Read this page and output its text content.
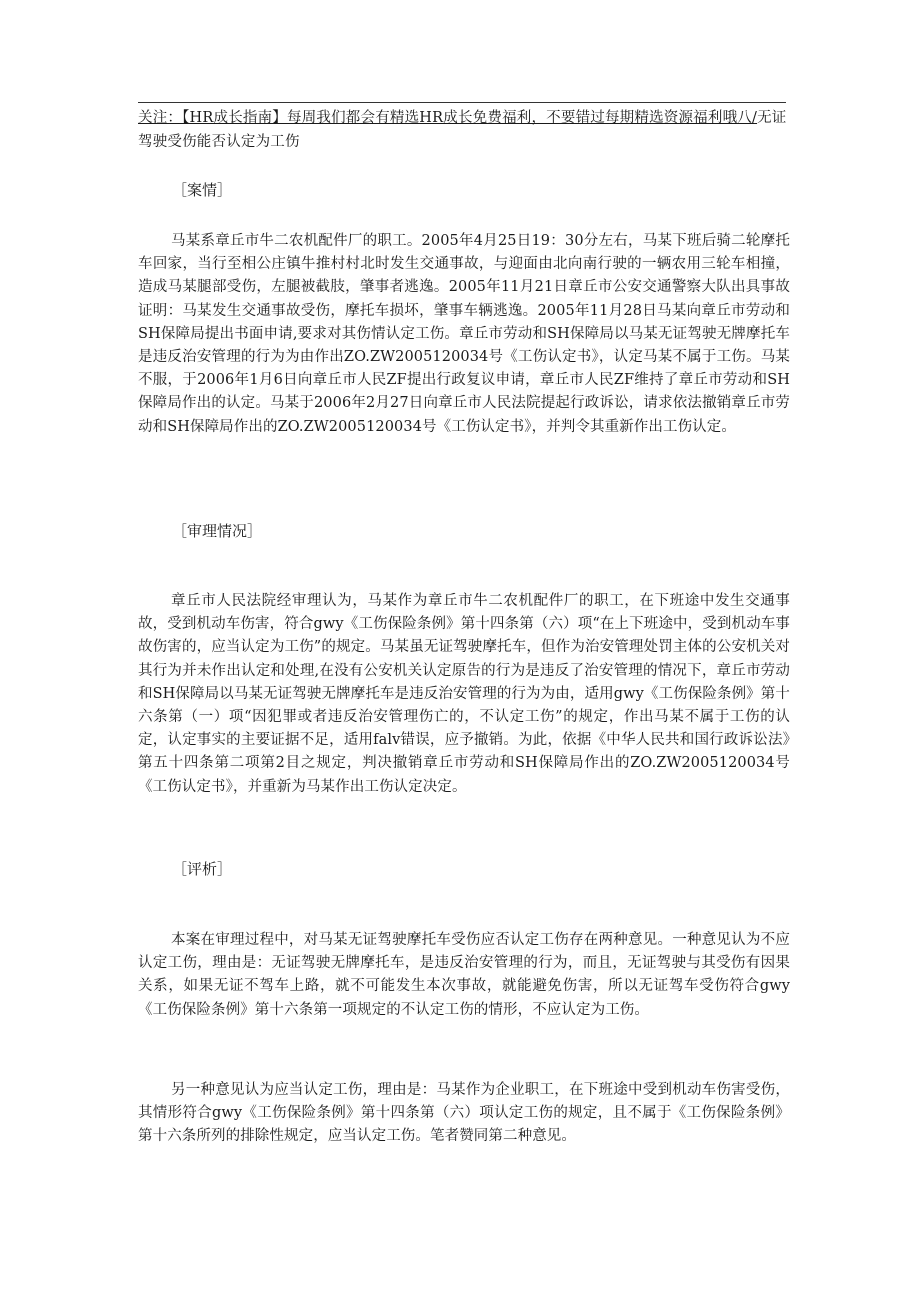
关注：【HR成长指南】每周我们都会有精选HR成长免费福利，不要错过每期精选资源福利哦八/无证驾驶受伤能否认定为工伤
［案情］
马某系章丘市牛二农机配件厂的职工。2005年4月25日19：30分左右，马某下班后骑二轮摩托车回家，当行至相公庄镇牛推村村北时发生交通事故，与迎面由北向南行驶的一辆农用三轮车相撞，造成马某腿部受伤，左腿被截肢，肇事者逃逸。2005年11月21日章丘市公安交通警察大队出具事故证明：马某发生交通事故受伤，摩托车损坏，肇事车辆逃逸。2005年11月28日马某向章丘市劳动和SH保障局提出书面申请,要求对其伤情认定工伤。章丘市劳动和SH保障局以马某无证驾驶无牌摩托车是违反治安管理的行为为由作出ZO.ZW2005120034号《工伤认定书》，认定马某不属于工伤。马某不服，于2006年1月6日向章丘市人民ZF提出行政复议申请，章丘市人民ZF维持了章丘市劳动和SH保障局作出的认定。马某于2006年2月27日向章丘市人民法院提起行政诉讼，请求依法撤销章丘市劳动和SH保障局作出的ZO.ZW2005120034号《工伤认定书》，并判令其重新作出工伤认定。
［审理情况］
章丘市人民法院经审理认为，马某作为章丘市牛二农机配件厂的职工，在下班途中发生交通事故，受到机动车伤害，符合gwy《工伤保险条例》第十四条第（六）项“在上下班途中，受到机动车事故伤害的，应当认定为工伤”的规定。马某虽无证驾驶摩托车，但作为治安管理处罚主体的公安机关对其行为并未作出认定和处理,在没有公安机关认定原告的行为是违反了治安管理的情况下，章丘市劳动和SH保障局以马某无证驾驶无牌摩托车是违反治安管理的行为为由，适用gwy《工伤保险条例》第十六条第（一）项“因犯罪或者违反治安管理伤亡的，不认定工伤”的规定，作出马某不属于工伤的认定，认定事实的主要证据不足，适用falv错误，应予撤销。为此，依据《中华人民共和国行政诉讼法》第五十四条第二项第2目之规定，判决撤销章丘市劳动和SH保障局作出的ZO.ZW2005120034号《工伤认定书》，并重新为马某作出工伤认定决定。
［评析］
本案在审理过程中，对马某无证驾驶摩托车受伤应否认定工伤存在两种意见。一种意见认为不应认定工伤，理由是：无证驾驶无牌摩托车，是违反治安管理的行为，而且，无证驾驶与其受伤有因果关系，如果无证不驾车上路，就不可能发生本次事故，就能避免伤害，所以无证驾车受伤符合gwy《工伤保险条例》第十六条第一项规定的不认定工伤的情形，不应认定为工伤。
另一种意见认为应当认定工伤，理由是：马某作为企业职工，在下班途中受到机动车伤害受伤，其情形符合gwy《工伤保险条例》第十四条第（六）项认定工伤的规定，且不属于《工伤保险条例》第十六条所列的排除性规定，应当认定工伤。笔者赞同第二种意见。
